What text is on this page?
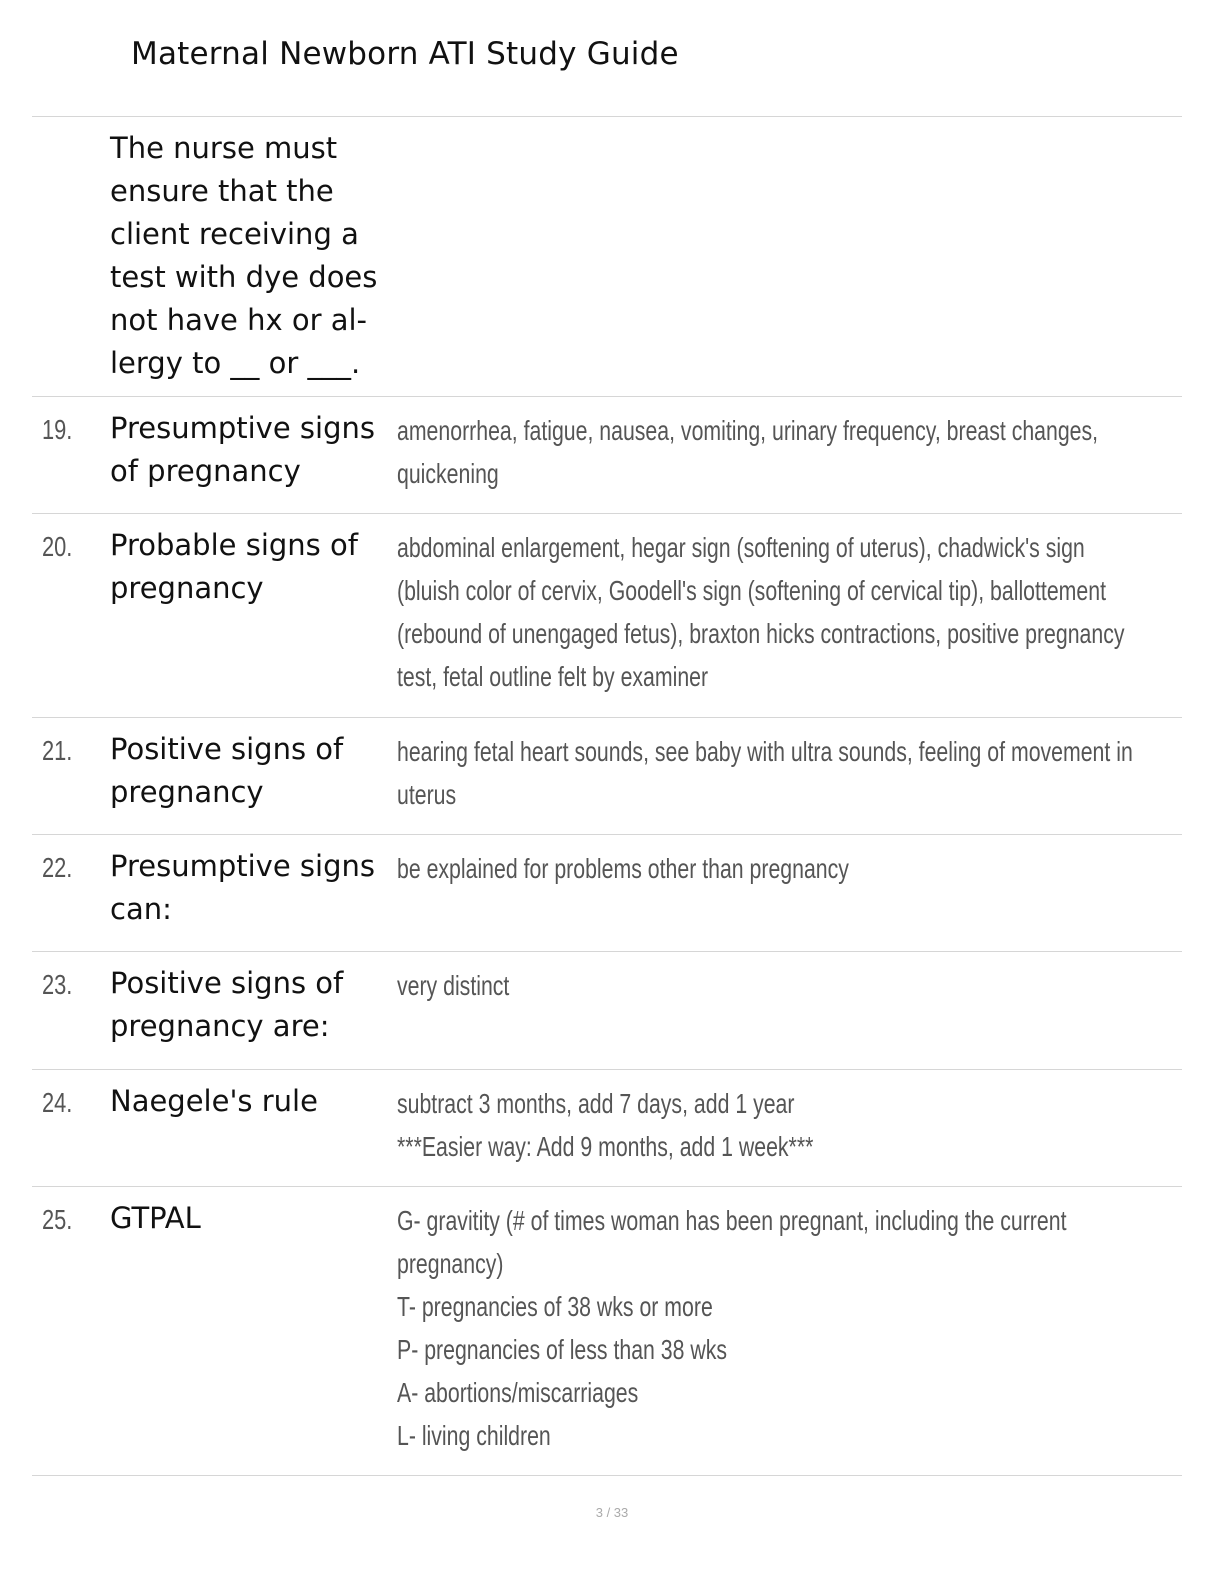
Maternal Newborn ATI Study Guide
The nurse must
ensure that the
client receiving a
test with dye does
not have hx or al-
lergy to __ or ___.
19. Presumptive signs
of pregnancy
amenorrhea, fatigue, nausea, vomiting, urinary frequency, breast changes,
quickening
20. Probable signs of
pregnancy
abdominal enlargement, hegar sign (softening of uterus), chadwick's sign
(bluish color of cervix, Goodell's sign (softening of cervical tip), ballottement
(rebound of unengaged fetus), braxton hicks contractions, positive pregnancy
test, fetal outline felt by examiner
21. Positive signs of
pregnancy
hearing fetal heart sounds, see baby with ultra sounds, feeling of movement in
uterus
22. Presumptive signs
can:
be explained for problems other than pregnancy
23. Positive signs of
pregnancy are:
very distinct
24. Naegele's rule	subtract 3 months, add 7 days, add 1 year
***Easier way: Add 9 months, add 1 week***
25. GTPAL	G- gravitity (# of times woman has been pregnant, including the current
pregnancy)
T- pregnancies of 38 wks or more
P- pregnancies of less than 38 wks
A- abortions/miscarriages
L- living children
3 / 33
